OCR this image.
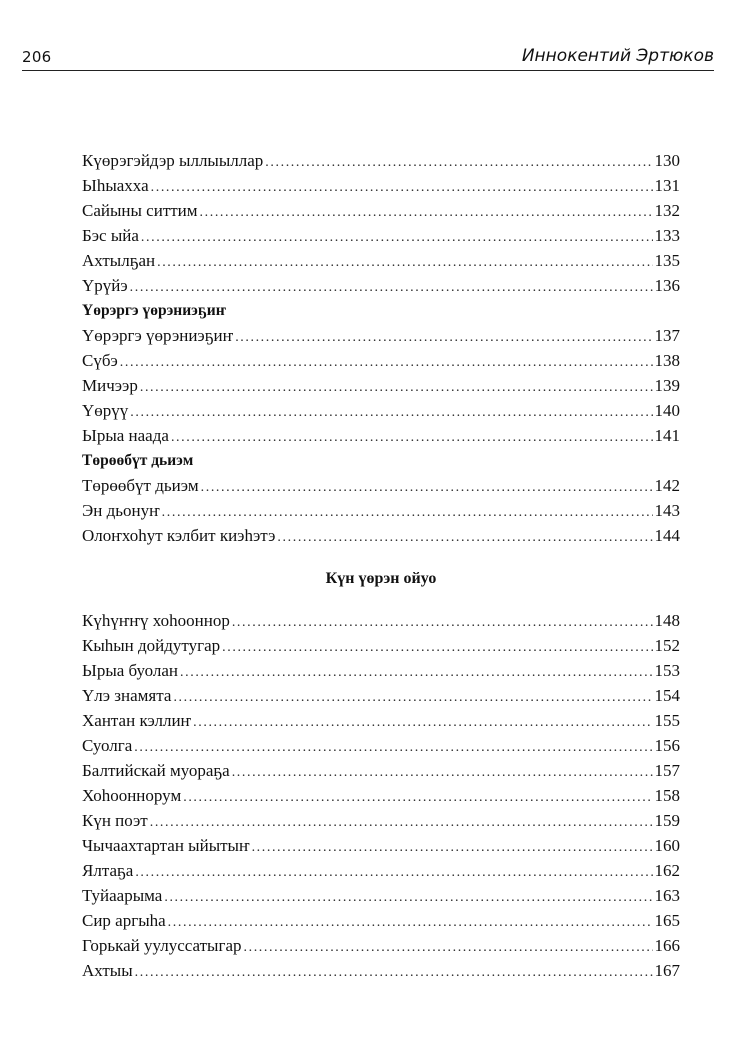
206	Иннокентий Эртюков
Күөрэгэйдэр ыллыыллар .....	130
Ыһыахха .....	131
Сайыны ситтим .....	132
Бэс ыйа .....	133
Ахтылҕан .....	135
Үрүйэ .....	136
Үөрэргэ үөрэниэҕиҥ
Үөрэргэ үөрэниэҕиҥ .....	137
Сүбэ .....	138
Мичээр .....	139
Үөрүү .....	140
Ырыа наада .....	141
Төрөөбүт дьиэм
Төрөөбүт дьиэм .....	142
Эн дьонуҥ .....	143
Олоҥхоһут кэлбит киэһэтэ .....	144
Күн үөрэн ойуо
Күһүҥҥү хоһооннор .....	148
Кыһын дойдутугар .....	152
Ырыа буолан .....	153
Үлэ знамята .....	154
Хантан кэллиҥ .....	155
Суолга .....	156
Балтийскай муораҕа .....	157
Хоһооннорум .....	158
Күн поэт .....	159
Чычаахтартан ыйытыҥ .....	160
Ялтаҕа .....	162
Туйаарыма .....	163
Сир аргыһа .....	165
Горькай уулуссатыгар .....	166
Ахтыы .....	167
